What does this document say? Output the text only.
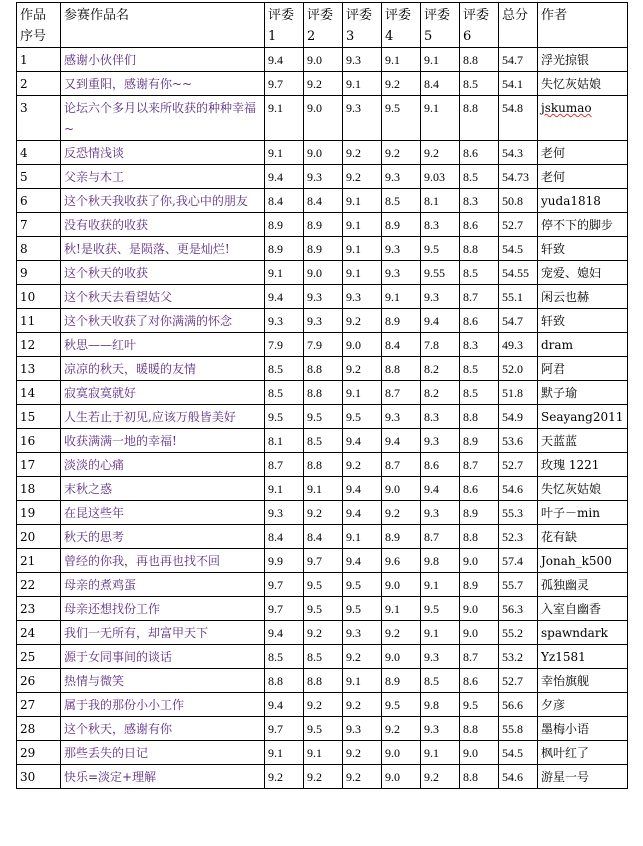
作品序号	参赛作品名	评委1	评委2	评委3	评委4	评委5	评委6	总分	作者
1	感谢小伙伴们	9.4	9.0	9.3	9.1	9.1	8.8	54.7	浮光掠银
2	又到重阳，感谢有你~~	9.7	9.2	9.1	9.2	8.4	8.5	54.1	失忆灰姑娘
3	论坛六个多月以来所收获的种种幸福~	9.1	9.0	9.3	9.5	9.1	8.8	54.8	jskumao
4	反恐情浅谈	9.1	9.0	9.2	9.2	9.2	8.6	54.3	老何
5	父亲与木工	9.4	9.3	9.2	9.3	9.03	8.5	54.73	老何
6	这个秋天我收获了你,我心中的朋友	8.4	8.4	9.1	8.5	8.1	8.3	50.8	yuda1818
7	没有收获的收获	8.9	8.9	9.1	8.9	8.3	8.6	52.7	停不下的脚步
8	秋!是收获、是陨落、更是灿烂!	8.9	8.9	9.1	9.3	9.5	8.8	54.5	轩致
9	这个秋天的收获	9.1	9.0	9.1	9.3	9.55	8.5	54.55	宠爱、媳妇
10	这个秋天去看望姑父	9.4	9.3	9.3	9.1	9.3	8.7	55.1	闲云也赫
11	这个秋天收获了对你满满的怀念	9.3	9.3	9.2	8.9	9.4	8.6	54.7	轩致
12	秋思——红叶	7.9	7.9	9.0	8.4	7.8	8.3	49.3	dram
13	凉凉的秋天，暖暖的友情	8.5	8.8	9.2	8.8	8.2	8.5	52.0	阿君
14	寂寞寂寞就好	8.5	8.8	9.1	8.7	8.2	8.5	51.8	默子瑜
15	人生若止于初见,应该万般皆美好	9.5	9.5	9.5	9.3	8.3	8.8	54.9	Seayang2011
16	收获满满一地的幸福!	8.1	8.5	9.4	9.4	9.3	8.9	53.6	天蓝蓝
17	淡淡的心痛	8.7	8.8	9.2	8.7	8.6	8.7	52.7	玫瑰 1221
18	末秋之惑	9.1	9.1	9.4	9.0	9.4	8.6	54.6	失忆灰姑娘
19	在昆这些年	9.3	9.2	9.4	9.2	9.3	8.9	55.3	叶子－min
20	秋天的思考	8.4	8.4	9.1	8.9	8.7	8.8	52.3	花有缺
21	曾经的你我，再也再也找不回	9.9	9.7	9.4	9.6	9.8	9.0	57.4	Jonah_k500
22	母亲的煮鸡蛋	9.7	9.5	9.5	9.0	9.1	8.9	55.7	孤独幽灵
23	母亲还想找份工作	9.7	9.5	9.5	9.1	9.5	9.0	56.3	入室自幽香
24	我们一无所有，却富甲天下	9.4	9.2	9.3	9.2	9.1	9.0	55.2	spawndark
25	源于女同事间的谈话	8.5	8.5	9.2	9.0	9.3	8.7	53.2	Yz1581
26	热情与微笑	8.8	8.8	9.1	8.9	8.5	8.6	52.7	幸怡旗舰
27	属于我的那份小小工作	9.4	9.2	9.2	9.5	9.8	9.5	56.6	夕彦
28	这个秋天，感谢有你	9.7	9.5	9.3	9.2	9.3	8.8	55.8	墨梅小语
29	那些丢失的日记	9.1	9.1	9.2	9.0	9.1	9.0	54.5	枫叶红了
30	快乐=淡定+理解	9.2	9.2	9.2	9.0	9.2	8.8	54.6	游星一号
